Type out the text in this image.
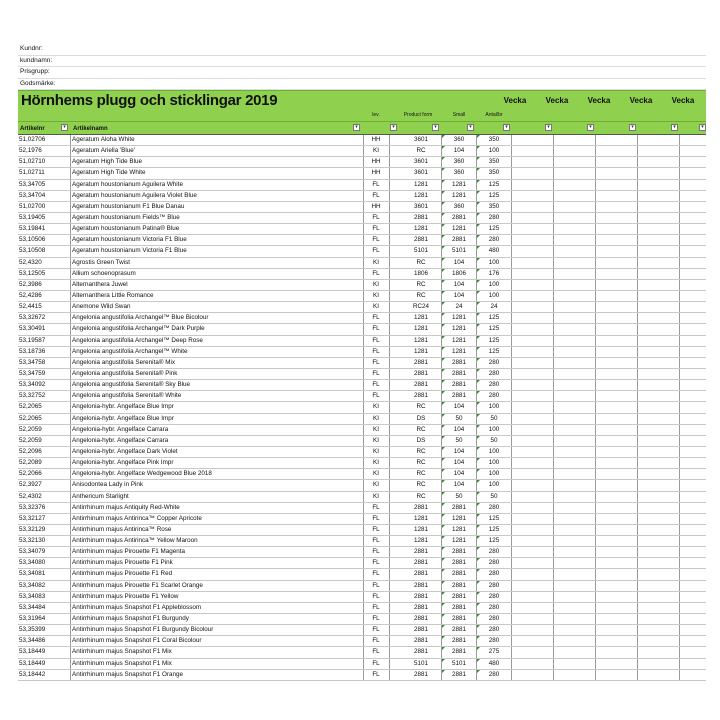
Kundnr:
kundnamn:
Prisgrupp:
Godsmärke:
Hörnhems plugg och sticklingar 2019	Vecka	Vecka	Vecka	Vecka	Vecka
lev.	Product form	Small	Antal/br
Artikelnr	▾	Artikelnamn	▾	▾	▾	▾	▾	▾	▾	▾	▾	▾
51,02706	Ageratum Aloha White	HH	3601	360	350
52,1976	Ageratum Ariella 'Blue'	KI	RC	104	100
51,02710	Ageratum High Tide Blue	HH	3601	360	350
51,02711	Ageratum High Tide White	HH	3601	360	350
53,34705	Ageratum houstonianum Aguilera White	FL	1281	1281	125
53,34704	Ageratum houstonianum Aguilera Violet Blue	FL	1281	1281	125
51,02700	Ageratum houstonianum F1 Blue Danau	HH	3601	360	350
53,19405	Ageratum houstonianum Fields™ Blue	FL	2881	2881	280
53,19841	Ageratum houstonianum Patina® Blue	FL	1281	1281	125
53,10506	Ageratum houstonianum Victoria F1 Blue	FL	2881	2881	280
53,10508	Ageratum houstonianum Victoria F1 Blue	FL	5101	5101	480
52,4320	Agrostis Green Twist	KI	RC	104	100
53,12505	Allium schoenoprasum	FL	1806	1806	176
52,3986	Alternanthera Juwel	KI	RC	104	100
52,4286	Alternanthera Little Romance	KI	RC	104	100
52,4415	Anemone Wild Swan	KI	RC24	24	24
53,32672	Angelonia angustifolia Archangel™ Blue Bicolour	FL	1281	1281	125
53,30491	Angelonia angustifolia Archangel™ Dark Purple	FL	1281	1281	125
53,19587	Angelonia angustifolia Archangel™ Deep Rose	FL	1281	1281	125
53,18736	Angelonia angustifolia Archangel™ White	FL	1281	1281	125
53,34758	Angelonia angustifolia Serenita® Mix	FL	2881	2881	280
53,34759	Angelonia angustifolia Serenita® Pink	FL	2881	2881	280
53,34092	Angelonia angustifolia Serenita® Sky Blue	FL	2881	2881	280
53,32752	Angelonia angustifolia Serenita® White	FL	2881	2881	280
52,2065	Angelonia-hybr. Angelface Blue Impr	KI	RC	104	100
52,2065	Angelonia-hybr. Angelface Blue Impr	KI	DS	50	50
52,2059	Angelonia-hybr. Angelface Carrara	KI	RC	104	100
52,2059	Angelonia-hybr. Angelface Carrara	KI	DS	50	50
52,2096	Angelonia-hybr. Angelface Dark Violet	KI	RC	104	100
52,2089	Angelonia-hybr. Angelface Pink Impr	KI	RC	104	100
52,2066	Angelonia-hybr. Angelface Wedgewood Blue 2018	KI	RC	104	100
52,3927	Anisodontea Lady in Pink	KI	RC	104	100
52,4302	Anthericum Starlight	KI	RC	50	50
53,32376	Antirrhinum majus Antiquity Red-White	FL	2881	2881	280
53,32127	Antirrhinum majus Antirinca™ Copper Apricote	FL	1281	1281	125
53,32129	Antirrhinum majus Antirinca™ Rose	FL	1281	1281	125
53,32130	Antirrhinum majus Antirinca™ Yellow Maroon	FL	1281	1281	125
53,34079	Antirrhinum majus Pirouette F1 Magenta	FL	2881	2881	280
53,34080	Antirrhinum majus Pirouette F1 Pink	FL	2881	2881	280
53,34081	Antirrhinum majus Pirouette F1 Red	FL	2881	2881	280
53,34082	Antirrhinum majus Pirouette F1 Scarlet Orange	FL	2881	2881	280
53,34083	Antirrhinum majus Pirouette F1 Yellow	FL	2881	2881	280
53,34484	Antirrhinum majus Snapshot F1 Appleblossom	FL	2881	2881	280
53,31964	Antirrhinum majus Snapshot F1 Burgundy	FL	2881	2881	280
53,35399	Antirrhinum majus Snapshot F1 Burgundy Bicolour	FL	2881	2881	280
53,34486	Antirrhinum majus Snapshot F1 Coral Bicolour	FL	2881	2881	280
53,18449	Antirrhinum majus Snapshot F1 Mix	FL	2881	2881	275
53,18449	Antirrhinum majus Snapshot F1 Mix	FL	5101	5101	480
53,18442	Antirrhinum majus Snapshot F1 Orange	FL	2881	2881	280
